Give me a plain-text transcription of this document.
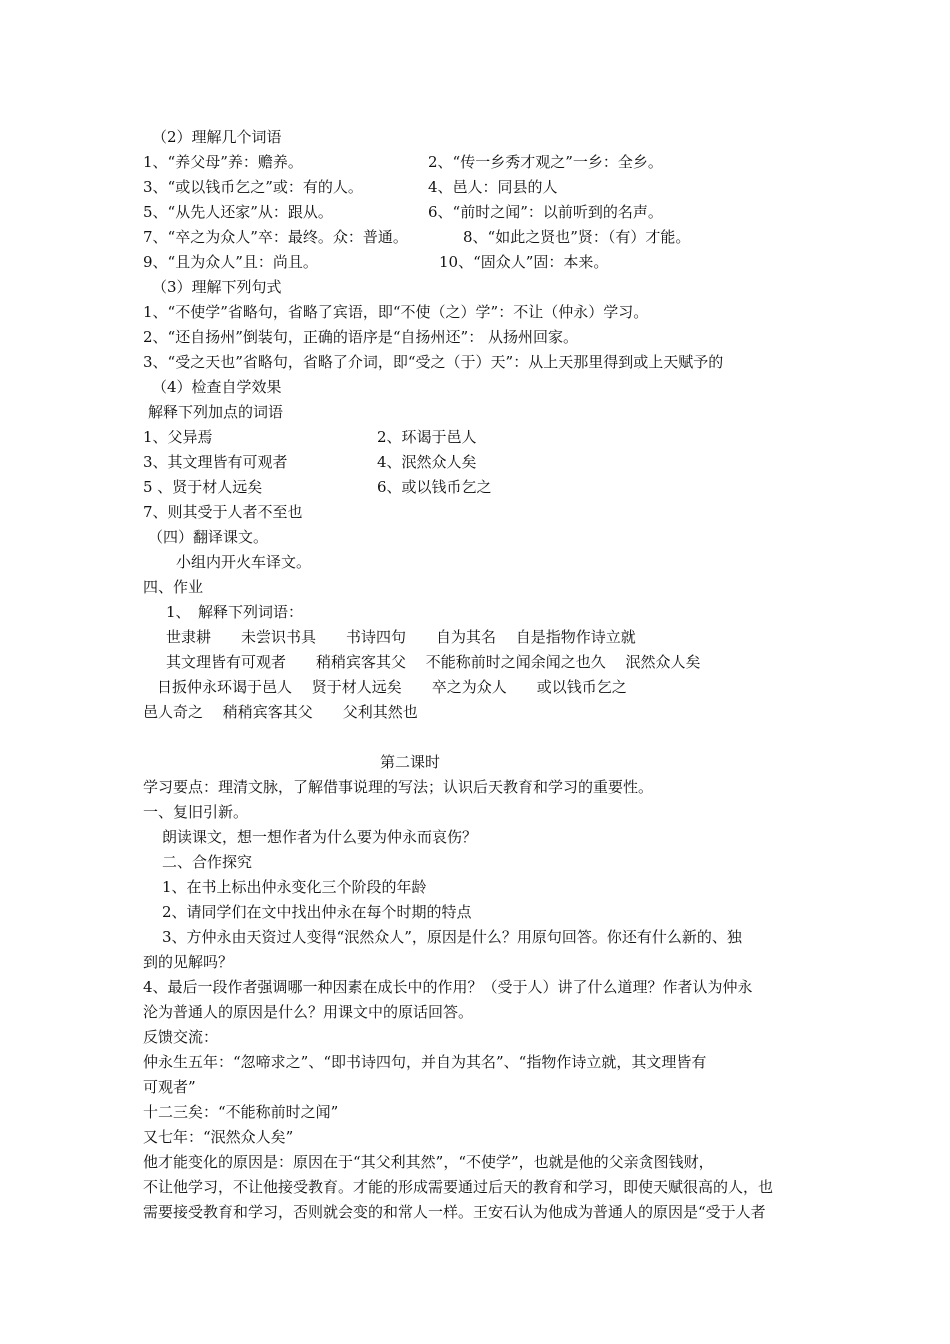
（2）理解几个词语
1、“养父母”养：赡养。	2、“传一乡秀才观之”一乡：全乡。
3、“或以钱币乞之”或：有的人。	4、邑人：同县的人
5、“从先人还家”从：跟从。	6、“前时之闻”：以前听到的名声。
7、“卒之为众人”卒：最终。众：普通。	8、“如此之贤也”贤：（有）才能。
9、“且为众人”且：尚且。	10、“固众人”固：本来。
（3）理解下列句式
1、“不使学”省略句，省略了宾语，即“不使（之）学”：不让（仲永）学习。
2、“还自扬州”倒装句，正确的语序是“自扬州还”： 从扬州回家。
3、“受之天也”省略句，省略了介词，即“受之（于）天”：从上天那里得到或上天赋予的
（4）检查自学效果
解释下列加点的词语
1、父异焉	2、环谒于邑人
3、其文理皆有可观者	4、泯然众人矣
5 、贤于材人远矣	6、或以钱币乞之
7、则其受于人者不至也
（四）翻译课文。
小组内开火车译文。
四、作业
1、　解释下列词语：
世隶耕　　未尝识书具　　书诗四句　　自为其名　 自是指物作诗立就
其文理皆有可观者　　稍稍宾客其父　 不能称前时之闻余闻之也久　 泯然众人矣
日扳仲永环谒于邑人　 贤于材人远矣　　卒之为众人　　或以钱币乞之
邑人奇之　 稍稍宾客其父　　父利其然也
第二课时
学习要点：理清文脉，了解借事说理的写法；认识后天教育和学习的重要性。
一、复旧引新。
朗读课文，想一想作者为什么要为仲永而哀伤？
二、合作探究
1、在书上标出仲永变化三个阶段的年龄
2、请同学们在文中找出仲永在每个时期的特点
3、方仲永由天资过人变得“泯然众人”，原因是什么？用原句回答。你还有什么新的、独
到的见解吗？
4、最后一段作者强调哪一种因素在成长中的作用？（受于人）讲了什么道理？作者认为仲永
沦为普通人的原因是什么？用课文中的原话回答。
反馈交流：
仲永生五年：“忽啼求之”、“即书诗四句，并自为其名”、“指物作诗立就，其文理皆有
可观者”
十二三矣：“不能称前时之闻”
又七年：“泯然众人矣”
他才能变化的原因是：原因在于“其父利其然”，“不使学”，也就是他的父亲贪图钱财，
不让他学习，不让他接受教育。才能的形成需要通过后天的教育和学习，即使天赋很高的人，也
需要接受教育和学习，否则就会变的和常人一样。王安石认为他成为普通人的原因是“受于人者
